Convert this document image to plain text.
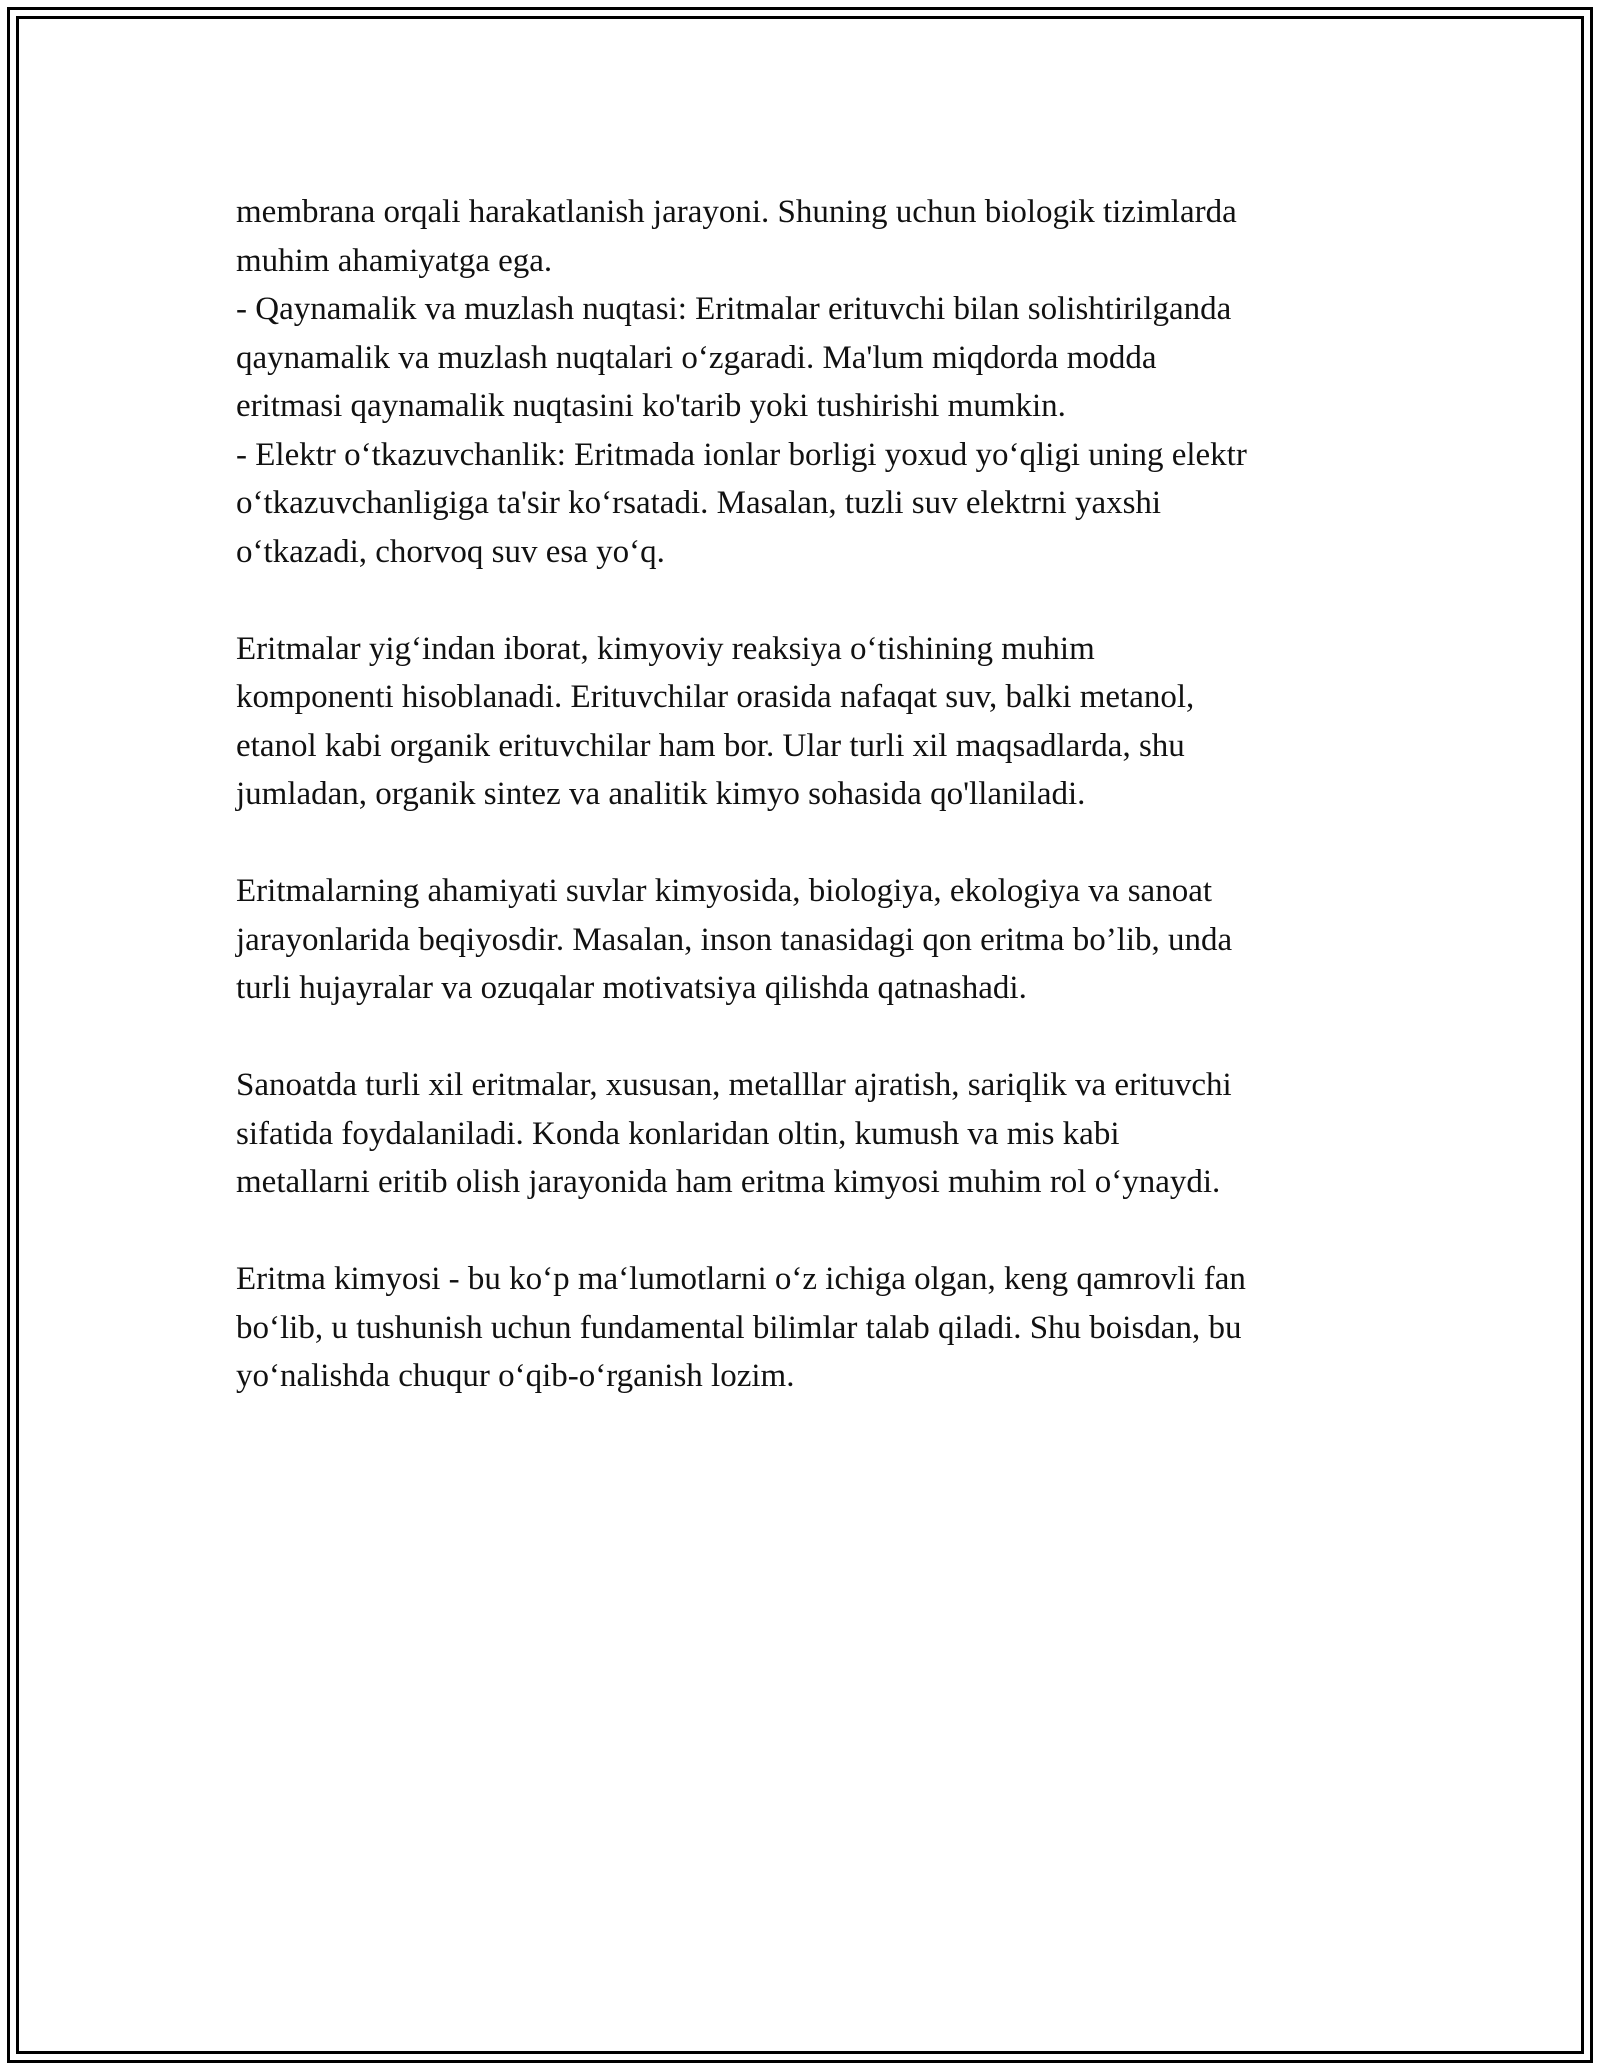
membrana orqali harakatlanish jarayoni. Shuning uchun biologik tizimlarda
muhim ahamiyatga ega.
- Qaynamalik va muzlash nuqtasi: Eritmalar erituvchi bilan solishtirilganda
qaynamalik va muzlash nuqtalari o‘zgaradi. Ma'lum miqdorda modda
eritmasi qaynamalik nuqtasini ko'tarib yoki tushirishi mumkin.
- Elektr o‘tkazuvchanlik: Eritmada ionlar borligi yoxud yo‘qligi uning elektr
o‘tkazuvchanligiga ta'sir ko‘rsatadi. Masalan, tuzli suv elektrni yaxshi
o‘tkazadi, chorvoq suv esa yo‘q.
Eritmalar yig‘indan iborat, kimyoviy reaksiya o‘tishining muhim
komponenti hisoblanadi. Erituvchilar orasida nafaqat suv, balki metanol,
etanol kabi organik erituvchilar ham bor. Ular turli xil maqsadlarda, shu
jumladan, organik sintez va analitik kimyo sohasida qo'llaniladi.
Eritmalarning ahamiyati suvlar kimyosida, biologiya, ekologiya va sanoat
jarayonlarida beqiyosdir. Masalan, inson tanasidagi qon eritma bo’lib, unda
turli hujayralar va ozuqalar motivatsiya qilishda qatnashadi.
Sanoatda turli xil eritmalar, xususan, metalllar ajratish, sariqlik va erituvchi
sifatida foydalaniladi. Konda konlaridan oltin, kumush va mis kabi
metallarni eritib olish jarayonida ham eritma kimyosi muhim rol o‘ynaydi.
Eritma kimyosi - bu ko‘p ma‘lumotlarni o‘z ichiga olgan, keng qamrovli fan
bo‘lib, u tushunish uchun fundamental bilimlar talab qiladi. Shu boisdan, bu
yo‘nalishda chuqur o‘qib-o‘rganish lozim.
